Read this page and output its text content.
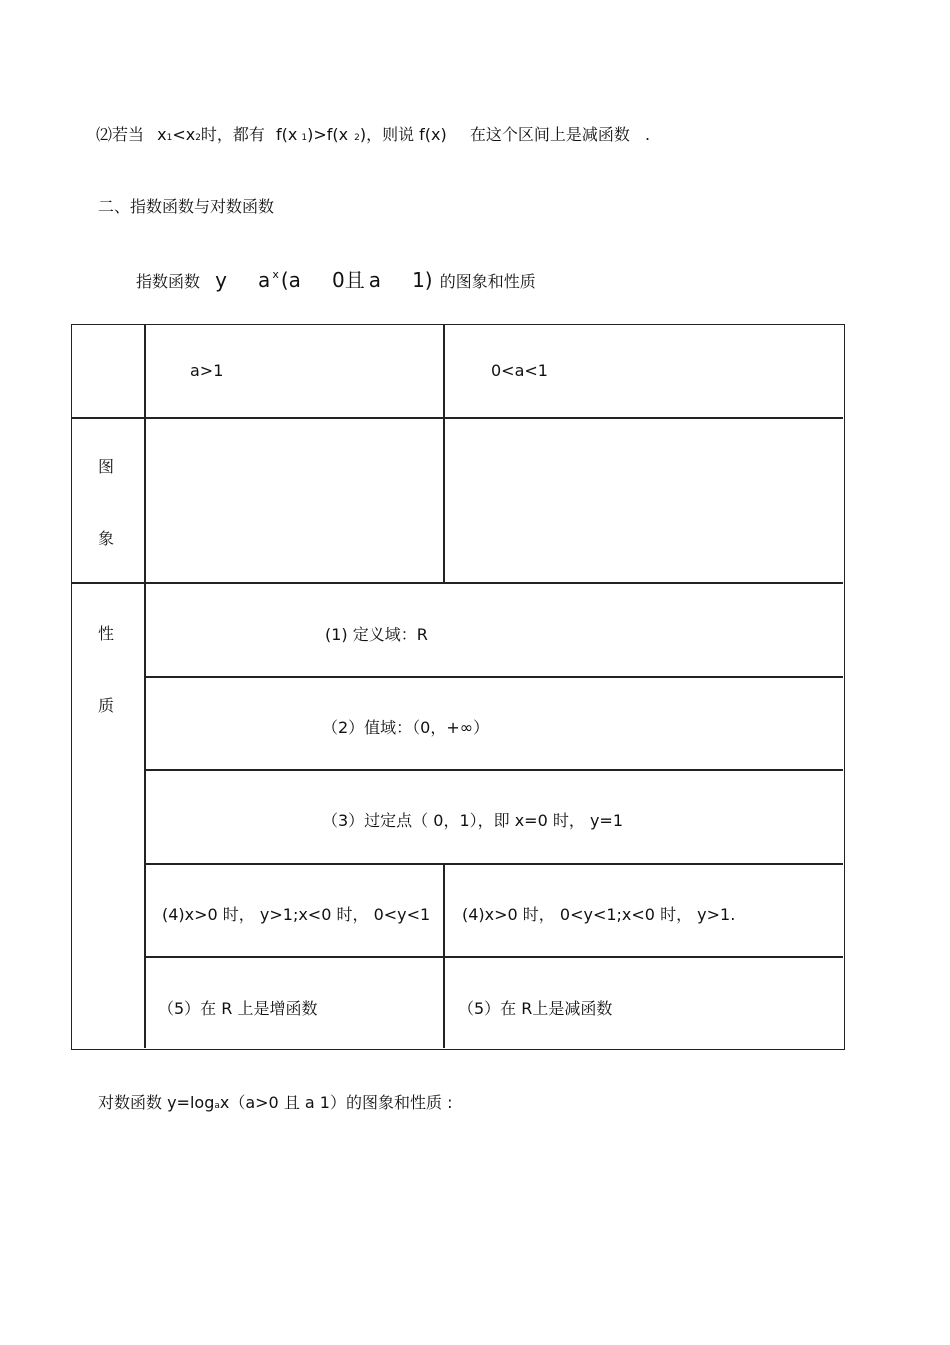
⑵若当 x1<x2时，都有 f(x 1)>f(x 2)，则说 f(x) 在这个区间上是减函数 .
二、指数函数与对数函数
指数函数 y a $^x$ (a 0且 a 1) 的图象和性质
a>1	0<a<1
图
象
性
质
(1) 定义域：R
（2）值域：（0，+∞）
（3）过定点（ 0，1），即 x=0 时， y=1
(4)x>0 时， y>1;x<0 时， 0<y<1 (4)x>0 时， 0<y<1;x<0 时， y>1.
（5）在 R 上是增函数	（5）在 R上是减函数
对数函数 y=logax（a>0 且 a 1）的图象和性质 :
